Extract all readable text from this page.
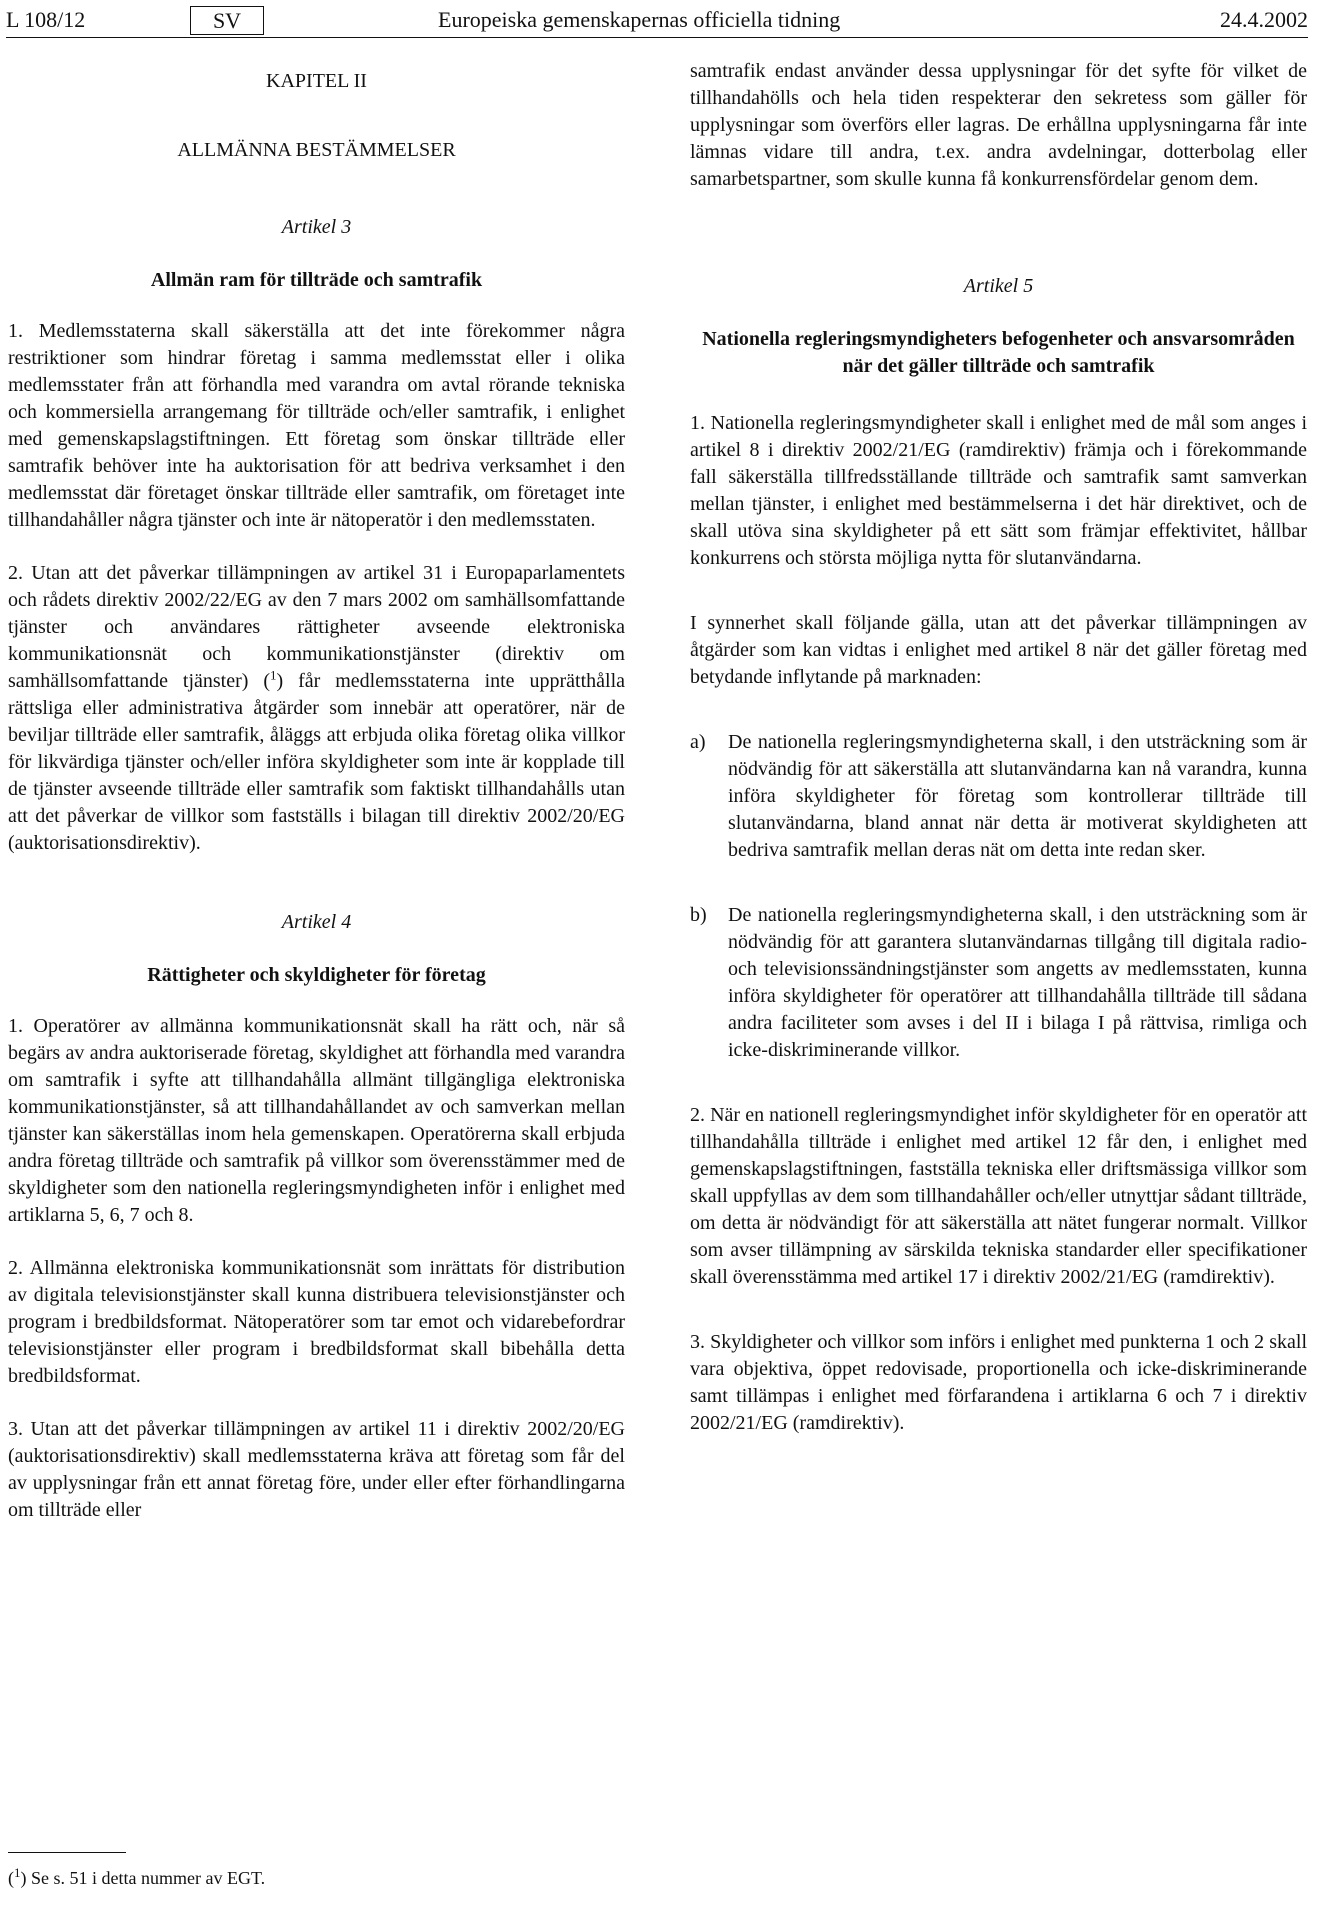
L 108/12	SV	Europeiska gemenskapernas officiella tidning	24.4.2002

KAPITEL II

ALLMÄNNA BESTÄMMELSER

Artikel 3

Allmän ram för tillträde och samtrafik

1. Medlemsstaterna skall säkerställa att det inte förekommer några restriktioner som hindrar företag i samma medlemsstat eller i olika medlemsstater från att förhandla med varandra om avtal rörande tekniska och kommersiella arrangemang för tillträde och/eller samtrafik, i enlighet med gemenskapslagstiftningen. Ett företag som önskar tillträde eller samtrafik behöver inte ha auktorisation för att bedriva verksamhet i den medlemsstat där företaget önskar tillträde eller samtrafik, om företaget inte tillhandahåller några tjänster och inte är nätoperatör i den medlemsstaten.

2. Utan att det påverkar tillämpningen av artikel 31 i Europaparlamentets och rådets direktiv 2002/22/EG av den 7 mars 2002 om samhällsomfattande tjänster och användares rättigheter avseende elektroniska kommunikationsnät och kommunikationstjänster (direktiv om samhällsomfattande tjänster) ($^1$) får medlemsstaterna inte upprätthålla rättsliga eller administrativa åtgärder som innebär att operatörer, när de beviljar tillträde eller samtrafik, åläggs att erbjuda olika företag olika villkor för likvärdiga tjänster och/eller införa skyldigheter som inte är kopplade till de tjänster avseende tillträde eller samtrafik som faktiskt tillhandahålls utan att det påverkar de villkor som fastställs i bilagan till direktiv 2002/20/EG (auktorisationsdirektiv).

Artikel 4

Rättigheter och skyldigheter för företag

1. Operatörer av allmänna kommunikationsnät skall ha rätt och, när så begärs av andra auktoriserade företag, skyldighet att förhandla med varandra om samtrafik i syfte att tillhandahålla allmänt tillgängliga elektroniska kommunikationstjänster, så att tillhandahållandet av och samverkan mellan tjänster kan säkerställas inom hela gemenskapen. Operatörerna skall erbjuda andra företag tillträde och samtrafik på villkor som överensstämmer med de skyldigheter som den nationella regleringsmyndigheten inför i enlighet med artiklarna 5, 6, 7 och 8.

2. Allmänna elektroniska kommunikationsnät som inrättats för distribution av digitala televisionstjänster skall kunna distribuera televisionstjänster och program i bredbildsformat. Nätoperatörer som tar emot och vidarebefordrar televisionstjänster eller program i bredbildsformat skall bibehålla detta bredbildsformat.

3. Utan att det påverkar tillämpningen av artikel 11 i direktiv 2002/20/EG (auktorisationsdirektiv) skall medlemsstaterna kräva att företag som får del av upplysningar från ett annat företag före, under eller efter förhandlingarna om tillträde eller

samtrafik endast använder dessa upplysningar för det syfte för vilket de tillhandahölls och hela tiden respekterar den sekretess som gäller för upplysningar som överförs eller lagras. De erhållna upplysningarna får inte lämnas vidare till andra, t.ex. andra avdelningar, dotterbolag eller samarbetspartner, som skulle kunna få konkurrensfördelar genom dem.

Artikel 5

Nationella regleringsmyndigheters befogenheter och ansvarsområden när det gäller tillträde och samtrafik

1. Nationella regleringsmyndigheter skall i enlighet med de mål som anges i artikel 8 i direktiv 2002/21/EG (ramdirektiv) främja och i förekommande fall säkerställa tillfredsställande tillträde och samtrafik samt samverkan mellan tjänster, i enlighet med bestämmelserna i det här direktivet, och de skall utöva sina skyldigheter på ett sätt som främjar effektivitet, hållbar konkurrens och största möjliga nytta för slutanvändarna.

I synnerhet skall följande gälla, utan att det påverkar tillämpningen av åtgärder som kan vidtas i enlighet med artikel 8 när det gäller företag med betydande inflytande på marknaden:

a)	De nationella regleringsmyndigheterna skall, i den utsträckning som är nödvändig för att säkerställa att slutanvändarna kan nå varandra, kunna införa skyldigheter för företag som kontrollerar tillträde till slutanvändarna, bland annat när detta är motiverat skyldigheten att bedriva samtrafik mellan deras nät om detta inte redan sker.
b)	De nationella regleringsmyndigheterna skall, i den utsträckning som är nödvändig för att garantera slutanvändarnas tillgång till digitala radio- och televisionssändningstjänster som angetts av medlemsstaten, kunna införa skyldigheter för operatörer att tillhandahålla tillträde till sådana andra faciliteter som avses i del II i bilaga I på rättvisa, rimliga och icke-diskriminerande villkor.

2. När en nationell regleringsmyndighet inför skyldigheter för en operatör att tillhandahålla tillträde i enlighet med artikel 12 får den, i enlighet med gemenskapslagstiftningen, fastställa tekniska eller driftsmässiga villkor som skall uppfyllas av dem som tillhandahåller och/eller utnyttjar sådant tillträde, om detta är nödvändigt för att säkerställa att nätet fungerar normalt. Villkor som avser tillämpning av särskilda tekniska standarder eller specifikationer skall överensstämma med artikel 17 i direktiv 2002/21/EG (ramdirektiv).

3. Skyldigheter och villkor som införs i enlighet med punkterna 1 och 2 skall vara objektiva, öppet redovisade, proportionella och icke-diskriminerande samt tillämpas i enlighet med förfarandena i artiklarna 6 och 7 i direktiv 2002/21/EG (ramdirektiv).

($^1$) Se s. 51 i detta nummer av EGT.
